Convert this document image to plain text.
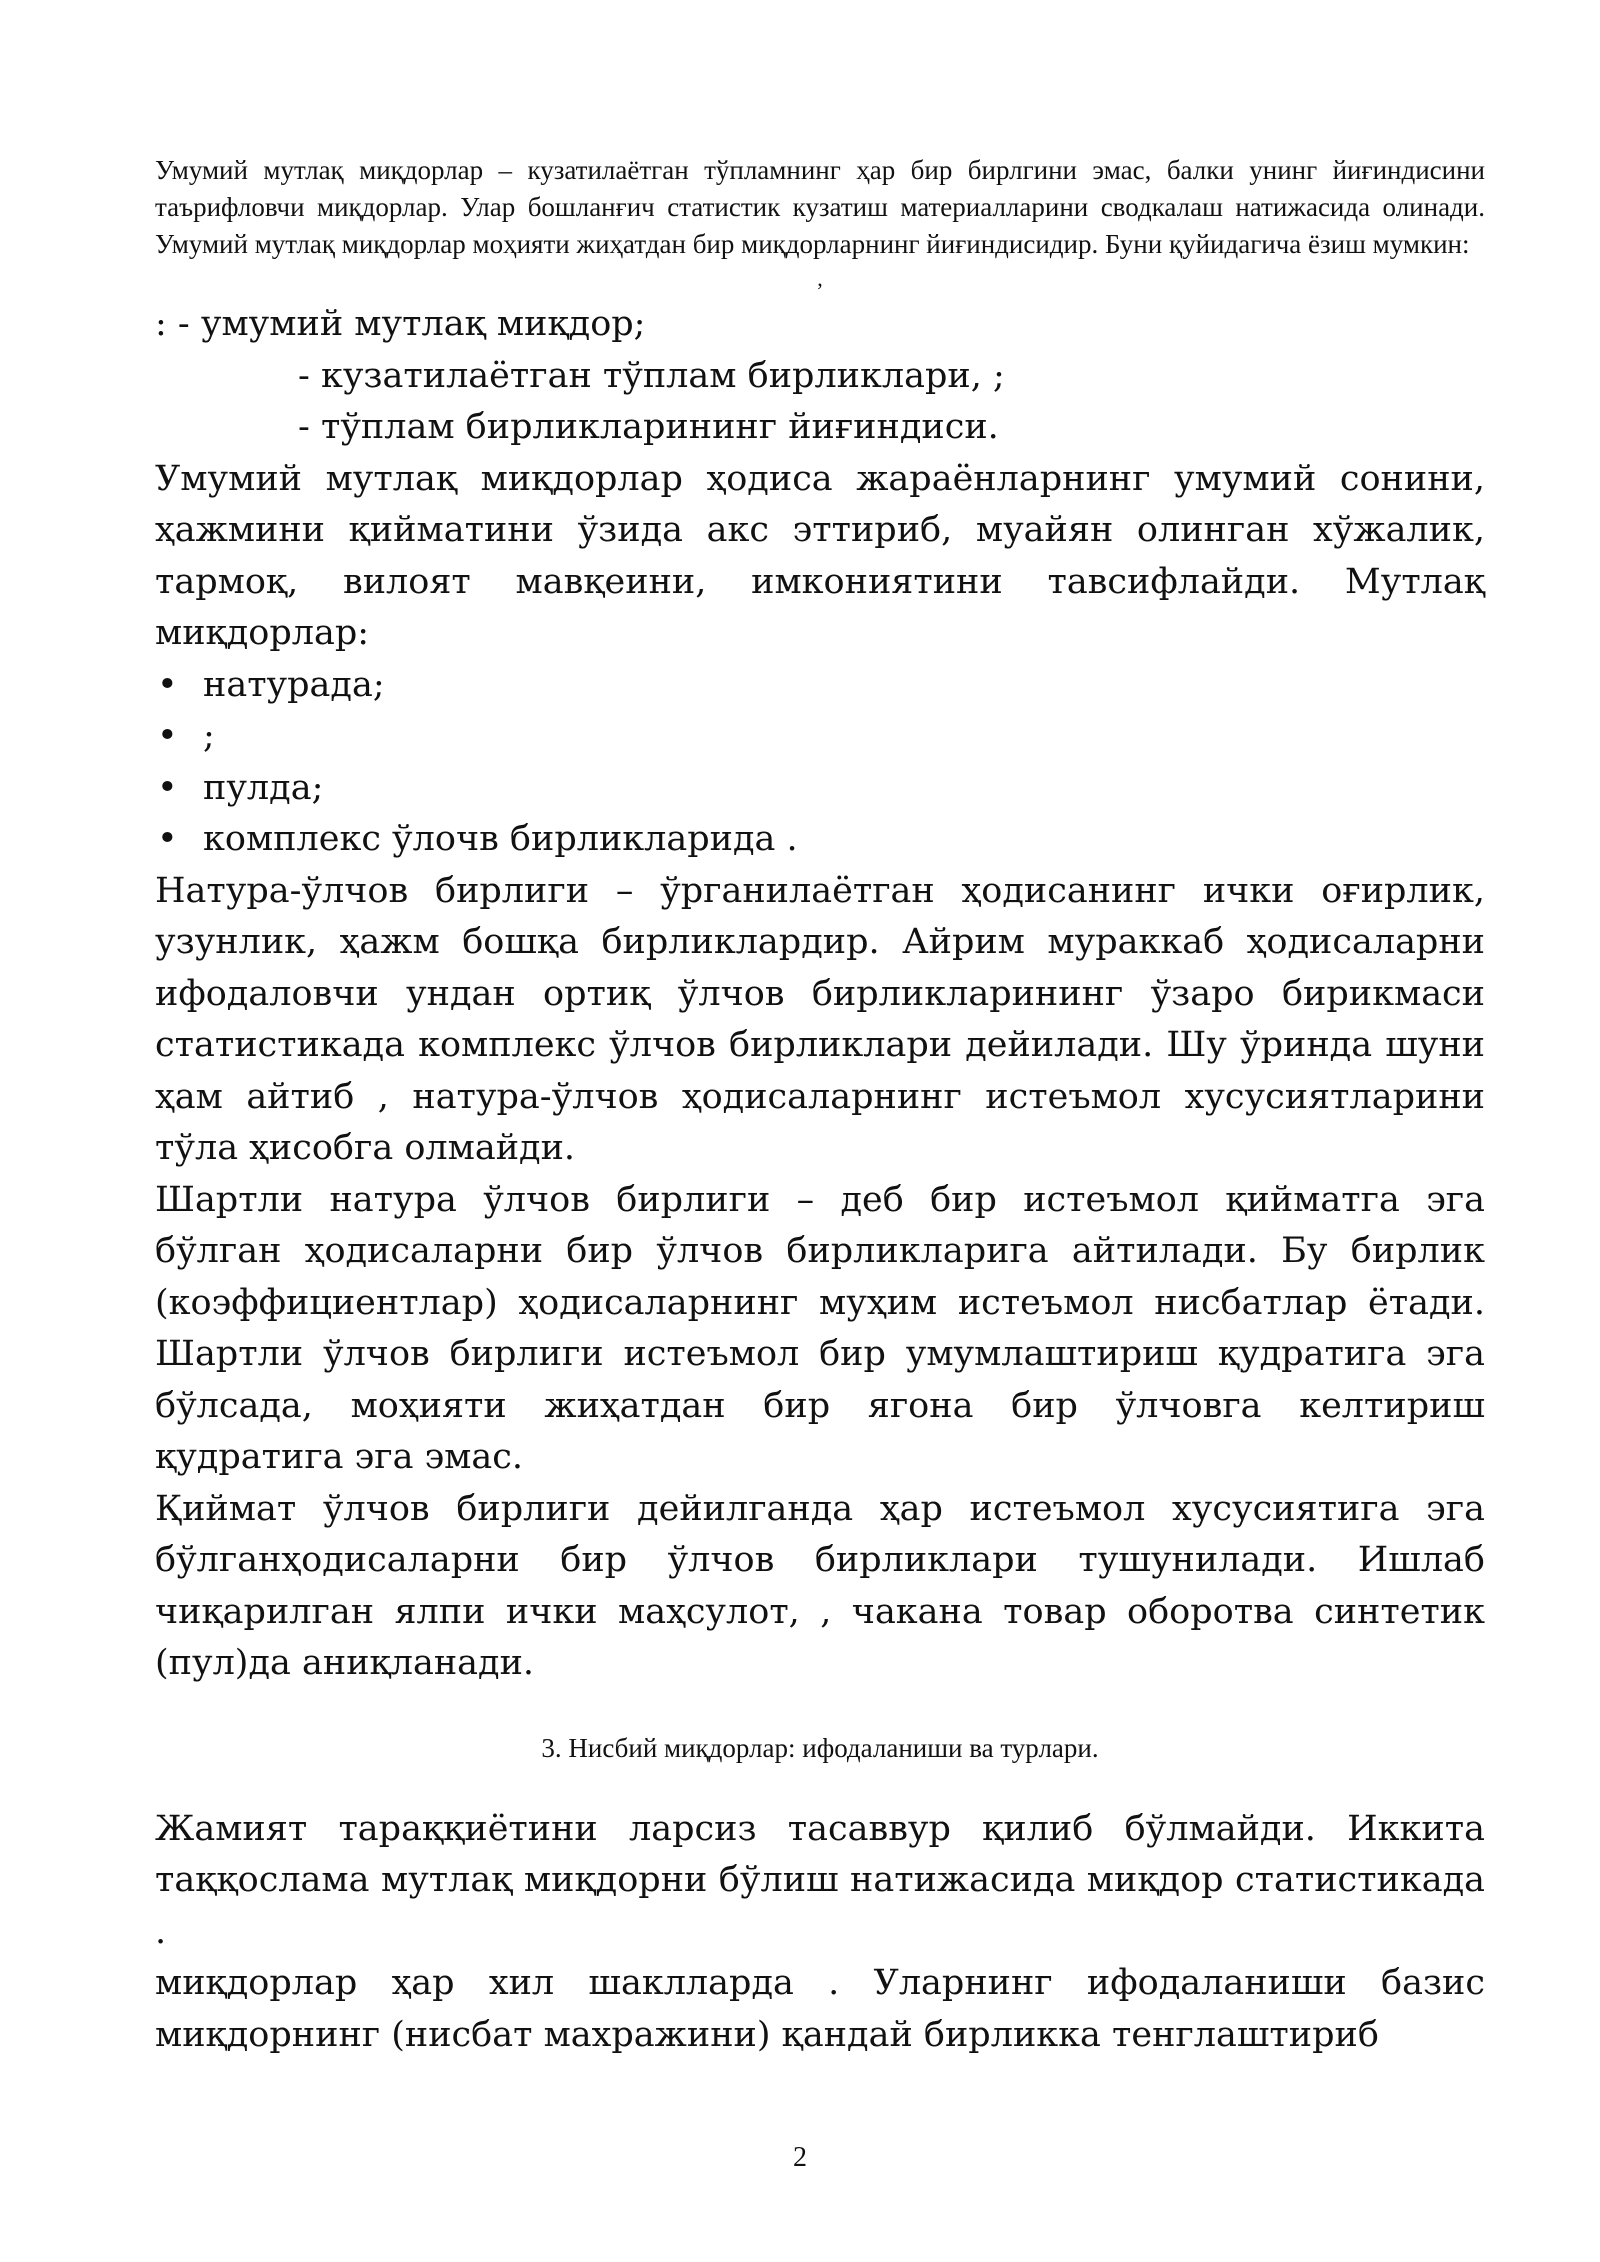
Умумий мутлақ миқдорлар – кузатилаётган тўпламнинг ҳар бир бирлгини эмас, балки унинг йиғиндисини таърифловчи миқдорлар. Улар бошланғич статистик кузатиш материалларини сводкалаш натижасида олинади. Умумий мутлақ миқдорлар моҳияти жиҳатдан бир миқдорларнинг йиғиндисидир. Буни қуйидагича ёзиш мумкин:

,
: - умумий мутлақ миқдор;
- кузатилаётган тўплам бирликлари, ;
- тўплам бирликларининг йиғиндиси.

Умумий мутлақ миқдорлар ҳодиса жараёнларнинг умумий сонини, ҳажмини қийматини ўзида акс эттириб, муайян олинган хўжалик, тармоқ, вилоят мавқеини, имкониятини тавсифлайди. Мутлақ миқдорлар:

• натурада;
• ;
• пулда;
• комплекс ўлочв бирликларида .

Натура-ўлчов бирлиги – ўрганилаётган ҳодисанинг ички оғирлик, узунлик, ҳажм бошқа бирликлардир. Айрим мураккаб ҳодисаларни ифодаловчи ундан ортиқ ўлчов бирликларининг ўзаро бирикмаси статистикада комплекс ўлчов бирликлари дейилади. Шу ўринда шуни ҳам айтиб , натура-ўлчов ҳодисаларнинг истеъмол хусусиятларини тўла ҳисобга олмайди.

Шартли натура ўлчов бирлиги – деб бир истеъмол қийматга эга бўлган ҳодисаларни бир ўлчов бирликларига айтилади. Бу бирлик (коэффициентлар) ҳодисаларнинг муҳим истеъмол нисбатлар ётади. Шартли ўлчов бирлиги истеъмол бир умумлаштириш қудратига эга бўлсада, моҳияти жиҳатдан бир ягона бир ўлчовга келтириш қудратига эга эмас.

Қиймат ўлчов бирлиги дейилганда ҳар истеъмол хусусиятига эга бўлганҳодисаларни бир ўлчов бирликлари тушунилади. Ишлаб чиқарилган ялпи ички маҳсулот, , чакана товар оборотва синтетик (пул)да аниқланади.

3. Нисбий миқдорлар: ифодаланиши ва турлари.

Жамият тараққиётини ларсиз тасаввур қилиб бўлмайди. Иккита таққослама мутлақ миқдорни бўлиш натижасида миқдор статистикада .

миқдорлар ҳар хил шаклларда . Уларнинг ифодаланиши базис миқдорнинг (нисбат махражини) қандай бирликка тенглаштириб

2
